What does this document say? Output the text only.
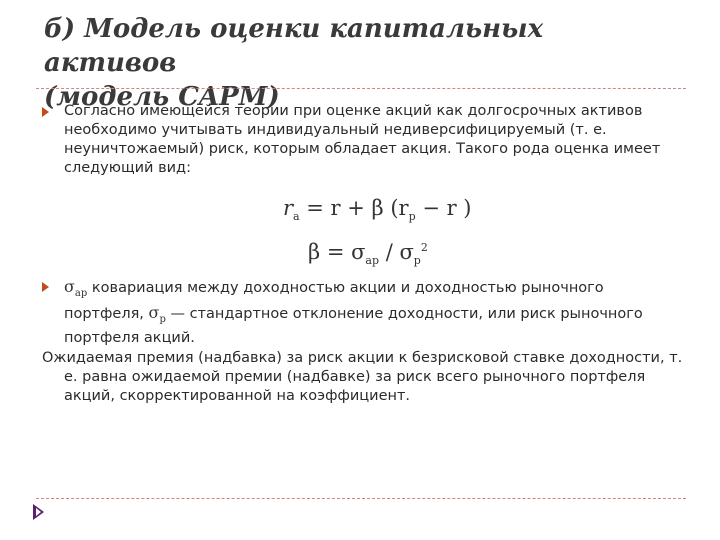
б) Модель оценки капитальных активов
(модель CAPM)
Согласно имеющейся теории при оценке акций как долгосрочных активов необходимо учитывать индивидуальный недиверсифицируемый (т. е. неуничтожаемый) риск, которым обладает акция. Такого рода оценка имеет следующий вид:
$r_a = r + \beta$ ($r_p - r$ )
$\beta = \sigma_{ap} / \sigma_p^2$
$\sigma_{ap}$ ковариация между доходностью акции и доходностью рыночного портфеля, $\sigma_p$ — стандартное отклонение доходности, или риск рыночного портфеля акций.
Ожидаемая премия (надбавка) за риск акции к безрисковой ставке доходности, т.
е. равна ожидаемой премии (надбавке) за риск всего рыночного портфеля акций, скорректированной на коэффициент.
